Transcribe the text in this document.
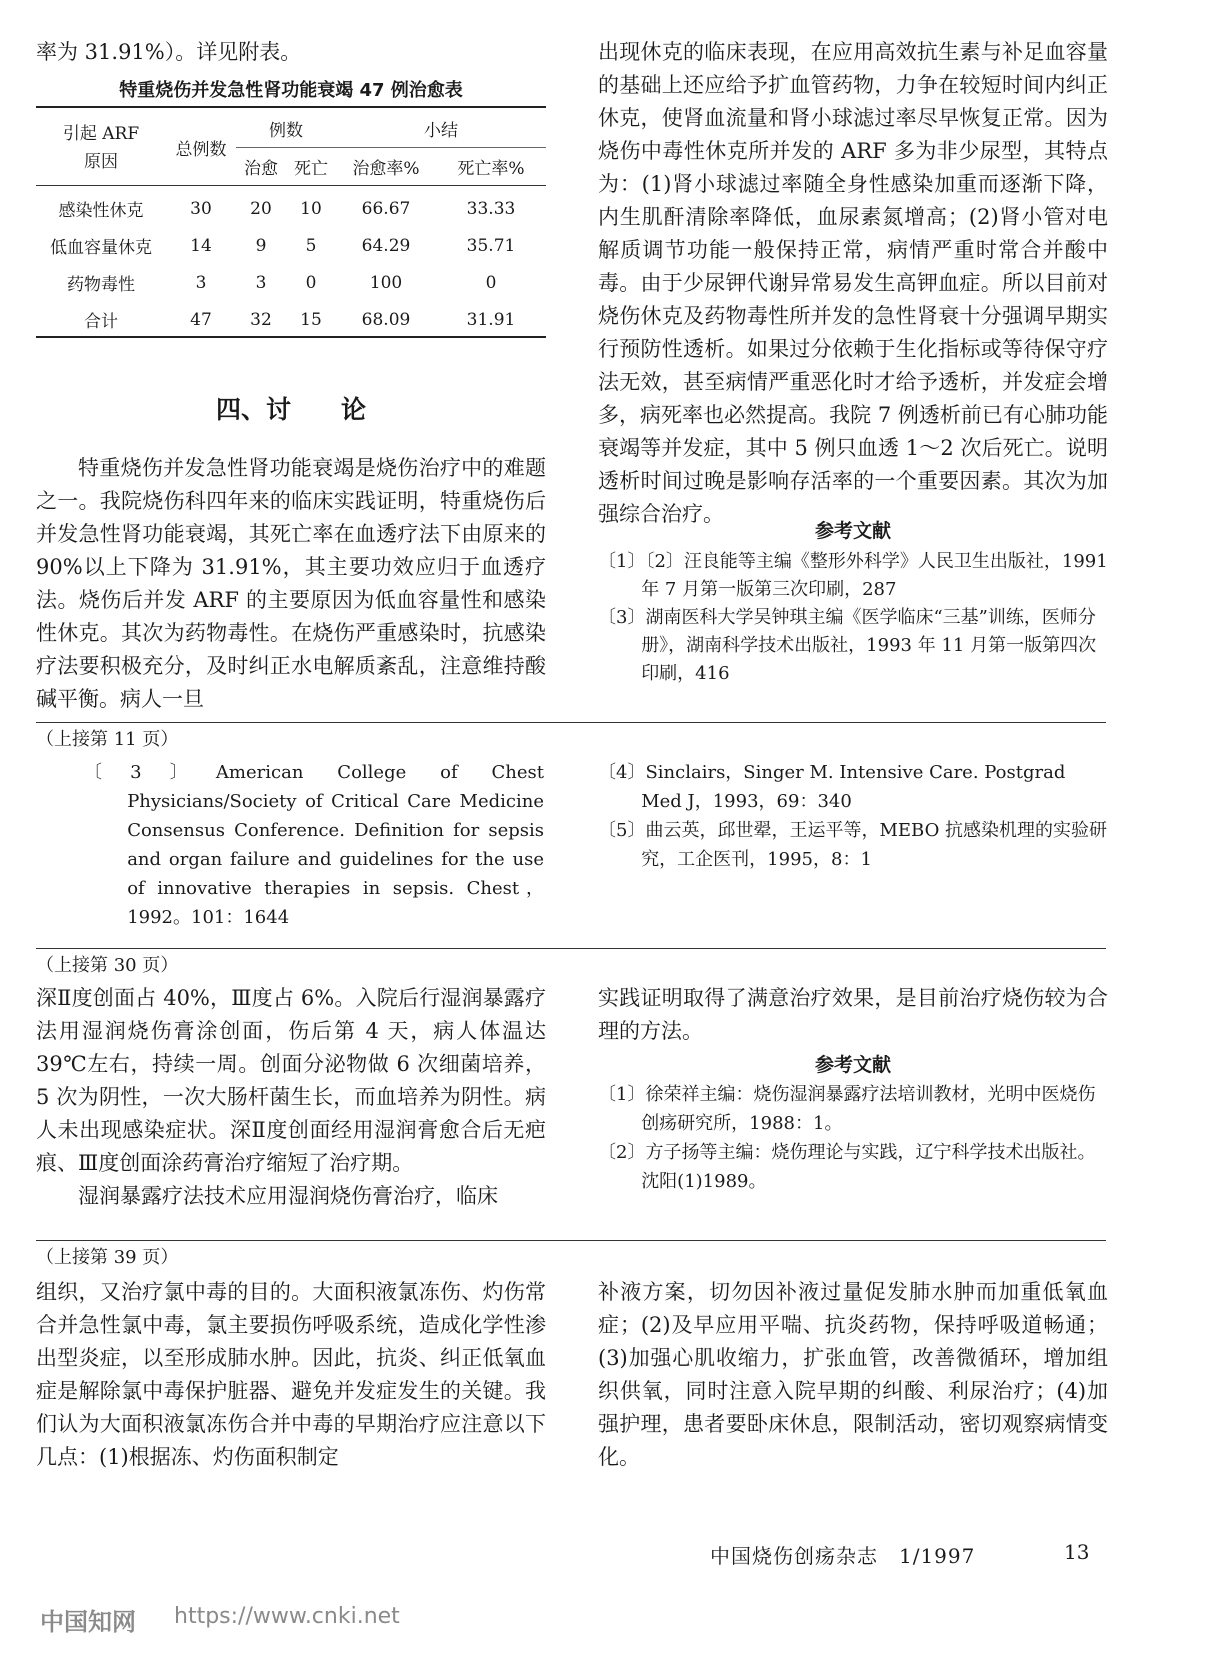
率为 31.91%）。详见附表。
特重烧伤并发急性肾功能衰竭 47 例治愈表
引起 ARF
原因	总例数	例数		小结	
		治愈	死亡	治愈率%	死亡率%

感染性休克	30	20	10	66.67	33.33
低血容量休克	14	9	5	64.29	35.71
药物毒性	3	3	0	100	0
合计	47	32	15	68.09	31.91
四、讨　　论

特重烧伤并发急性肾功能衰竭是烧伤治疗中的难题之一。我院烧伤科四年来的临床实践证明，特重烧伤后并发急性肾功能衰竭，其死亡率在血透疗法下由原来的 90%以上下降为 31.91%，其主要功效应归于血透疗法。烧伤后并发 ARF 的主要原因为低血容量性和感染性休克。其次为药物毒性。在烧伤严重感染时，抗感染疗法要积极充分，及时纠正水电解质紊乱，注意维持酸碱平衡。病人一旦

出现休克的临床表现，在应用高效抗生素与补足血容量的基础上还应给予扩血管药物，力争在较短时间内纠正休克，使肾血流量和肾小球滤过率尽早恢复正常。因为烧伤中毒性休克所并发的 ARF 多为非少尿型，其特点为：(1)肾小球滤过率随全身性感染加重而逐渐下降，内生肌酐清除率降低，血尿素氮增高；(2)肾小管对电解质调节功能一般保持正常，病情严重时常合并酸中毒。由于少尿钾代谢异常易发生高钾血症。所以目前对烧伤休克及药物毒性所并发的急性肾衰十分强调早期实行预防性透析。如果过分依赖于生化指标或等待保守疗法无效，甚至病情严重恶化时才给予透析，并发症会增多，病死率也必然提高。我院 7 例透析前已有心肺功能衰竭等并发症，其中 5 例只血透 1～2 次后死亡。说明透析时间过晚是影响存活率的一个重要因素。其次为加强综合治疗。

参考文献

〔1〕〔2〕汪良能等主编《整形外科学》人民卫生出版社，1991 年 7 月第一版第三次印刷，287

〔3〕湖南医科大学吴钟琪主编《医学临床“三基”训练，医师分册》，湖南科学技术出版社，1993 年 11 月第一版第四次印刷，416

（上接第 11 页）

〔3〕American College of Chest Physicians/Society of Critical Care Medicine Consensus Conference. Definition for sepsis and organ failure and guidelines for the use of innovative therapies in sepsis. Chest，1992。101：1644

〔4〕Sinclairs，Singer M. Intensive Care. Postgrad Med J，1993，69：340

〔5〕曲云英，邱世翚，王运平等，MEBO 抗感染机理的实验研究，工企医刊，1995，8：1

（上接第 30 页）

深Ⅱ度创面占 40%，Ⅲ度占 6%。入院后行湿润暴露疗法用湿润烧伤膏涂创面，伤后第 4 天，病人体温达 39℃左右，持续一周。创面分泌物做 6 次细菌培养，5 次为阴性，一次大肠杆菌生长，而血培养为阴性。病人未出现感染症状。深Ⅱ度创面经用湿润膏愈合后无疤痕、Ⅲ度创面涂药膏治疗缩短了治疗期。

湿润暴露疗法技术应用湿润烧伤膏治疗，临床

实践证明取得了满意治疗效果，是目前治疗烧伤较为合理的方法。

参考文献

〔1〕徐荣祥主编：烧伤湿润暴露疗法培训教材，光明中医烧伤创疡研究所，1988：1。

〔2〕方子扬等主编：烧伤理论与实践，辽宁科学技术出版社。沈阳(1)1989。

（上接第 39 页）

组织，又治疗氯中毒的目的。大面积液氯冻伤、灼伤常合并急性氯中毒，氯主要损伤呼吸系统，造成化学性渗出型炎症，以至形成肺水肿。因此，抗炎、纠正低氧血症是解除氯中毒保护脏器、避免并发症发生的关键。我们认为大面积液氯冻伤合并中毒的早期治疗应注意以下几点：(1)根据冻、灼伤面积制定

补液方案，切勿因补液过量促发肺水肿而加重低氧血症；(2)及早应用平喘、抗炎药物，保持呼吸道畅通；(3)加强心肌收缩力，扩张血管，改善微循环，增加组织供氧，同时注意入院早期的纠酸、利尿治疗；(4)加强护理，患者要卧床休息，限制活动，密切观察病情变化。

中国烧伤创疡杂志　1/1997	13
中国知网 https://www.cnki.net
